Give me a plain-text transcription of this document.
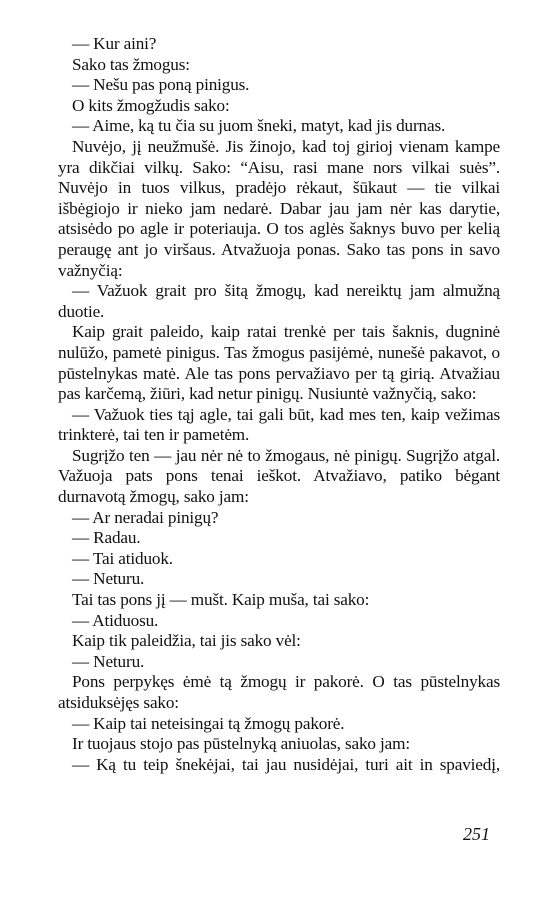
— Kur aini?

Sako tas žmogus:

— Nešu pas poną pinigus.

O kits žmogžudis sako:

— Aime, ką tu čia su juom šneki, matyt, kad jis durnas.

Nuvėjo, jį neužmušė. Jis žinojo, kad toj girioj vienam kampe yra dikčiai vilkų. Sako: “Aisu, rasi mane nors vilkai suės”. Nuvėjo in tuos vilkus, pradėjo rėkaut, šūkaut — tie vilkai išbėgiojo ir nieko jam nedarė. Dabar jau jam nėr kas darytie, atsisėdo po agle ir poteriauja. O tos aglės šaknys buvo per kelią peraugę ant jo viršaus. Atvažuoja ponas. Sako tas pons in savo važnyčią:

— Važuok grait pro šitą žmogų, kad nereiktų jam almužną duotie.

Kaip grait paleido, kaip ratai trenkė per tais šaknis, dugninė nulūžo, pametė pinigus. Tas žmogus pasijėmė, nunešė pakavot, o pūstelnykas matė. Ale tas pons pervažiavo per tą girią. Atvažiau pas karčemą, žiūri, kad netur pinigų. Nusiuntė važnyčią, sako:

— Važuok ties tąj agle, tai gali būt, kad mes ten, kaip vežimas trinkterė, tai ten ir pametėm.

Sugrįžo ten — jau nėr nė to žmogaus, nė pinigų. Sugrįžo atgal. Važuoja pats pons tenai ieškot. Atvažiavo, patiko bėgant durnavotą žmogų, sako jam:

— Ar neradai pinigų?

— Radau.

— Tai atiduok.

— Neturu.

Tai tas pons jį — mušt. Kaip muša, tai sako:

— Atiduosu.

Kaip tik paleidžia, tai jis sako vėl:

— Neturu.

Pons perpykęs ėmė tą žmogų ir pakorė. O tas pūstelnykas atsiduksėjęs sako:

— Kaip tai neteisingai tą žmogų pakorė.

Ir tuojaus stojo pas pūstelnyką aniuolas, sako jam:

— Ką tu teip šnekėjai, tai jau nusidėjai, turi ait in spaviedį,

251
